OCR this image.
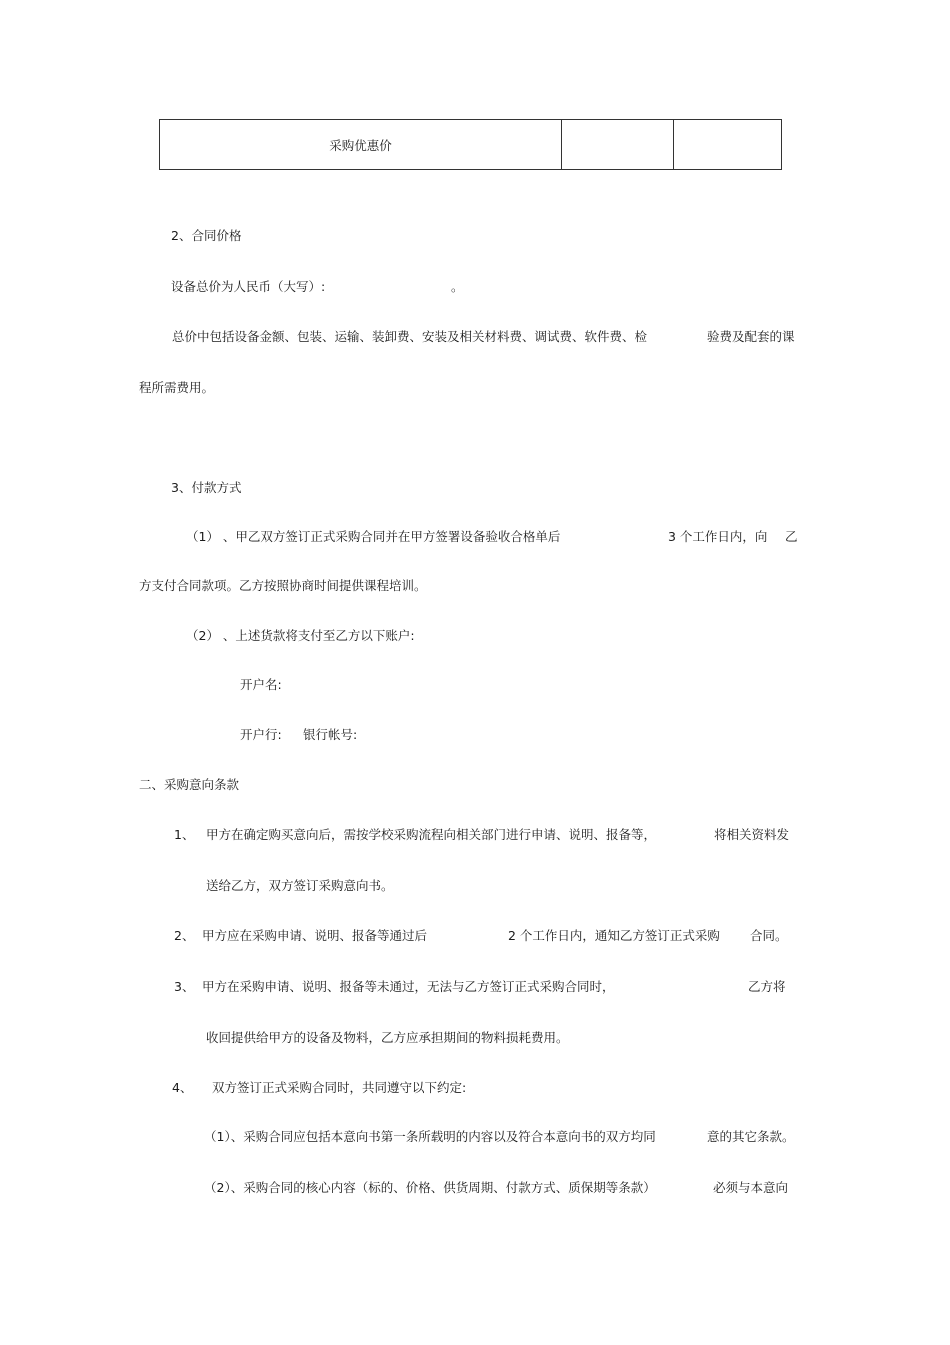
采购优惠价		
2、合同价格
设备总价为人民币（大写）:	。
总价中包括设备金额、包装、运输、装卸费、安装及相关材料费、调试费、软件费、检	验费及配套的课
程所需费用。
3、付款方式
（1） 、甲乙双方签订正式采购合同并在甲方签署设备验收合格单后	3 个工作日内，向 乙
方支付合同款项。乙方按照协商时间提供课程培训。
（2） 、上述货款将支付至乙方以下账户:
开户名:
开户行: 银行帐号:
二、采购意向条款
1、 甲方在确定购买意向后，需按学校采购流程向相关部门进行申请、说明、报备等，	将相关资料发
送给乙方，双方签订采购意向书。
2、 甲方应在采购申请、说明、报备等通过后	2 个工作日内，通知乙方签订正式采购 合同。
3、 甲方在采购申请、说明、报备等未通过，无法与乙方签订正式采购合同时，	乙方将
收回提供给甲方的设备及物料，乙方应承担期间的物料损耗费用。
4、 双方签订正式采购合同时，共同遵守以下约定:
（1）、采购合同应包括本意向书第一条所载明的内容以及符合本意向书的双方均同	意的其它条款。
（2）、采购合同的核心内容（标的、价格、供货周期、付款方式、质保期等条款）	必须与本意向
